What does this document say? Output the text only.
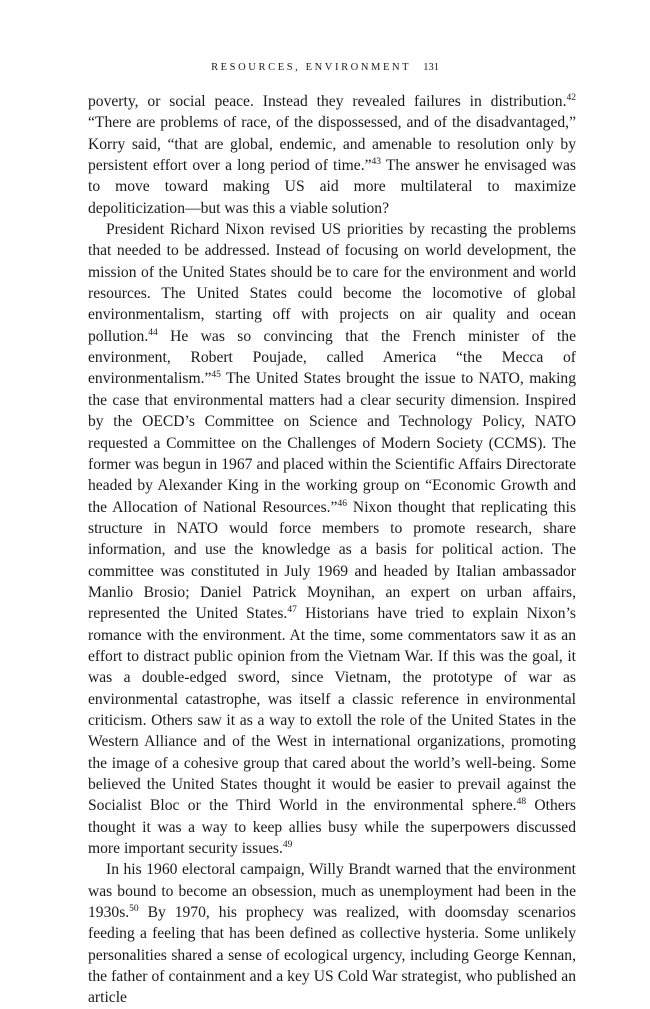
RESOURCES, ENVIRONMENT 131

poverty, or social peace. Instead they revealed failures in distribution.$^{42}$ “There are problems of race, of the dispossessed, and of the disadvantaged,” Korry said, “that are global, endemic, and amenable to resolution only by persistent effort over a long period of time.”$^{43}$ The answer he envisaged was to move toward making US aid more multilateral to maximize depoliticization—but was this a viable solution?

President Richard Nixon revised US priorities by recasting the problems that needed to be addressed. Instead of focusing on world development, the mission of the United States should be to care for the environment and world resources. The United States could become the locomotive of global environmentalism, starting off with projects on air quality and ocean pollution.$^{44}$ He was so convincing that the French minister of the environment, Robert Poujade, called America “the Mecca of environmentalism.”$^{45}$ The United States brought the issue to NATO, making the case that environmental matters had a clear security dimension. Inspired by the OECD’s Committee on Science and Technology Policy, NATO requested a Committee on the Challenges of Modern Society (CCMS). The former was begun in 1967 and placed within the Scientific Affairs Directorate headed by Alexander King in the working group on “Economic Growth and the Allocation of National Resources.”$^{46}$ Nixon thought that replicating this structure in NATO would force members to promote research, share information, and use the knowledge as a basis for political action. The committee was constituted in July 1969 and headed by Italian ambassador Manlio Brosio; Daniel Patrick Moynihan, an expert on urban affairs, represented the United States.$^{47}$ Historians have tried to explain Nixon’s romance with the environment. At the time, some commentators saw it as an effort to distract public opinion from the Vietnam War. If this was the goal, it was a double-edged sword, since Vietnam, the prototype of war as environmental catastrophe, was itself a classic reference in environmental criticism. Others saw it as a way to extoll the role of the United States in the Western Alliance and of the West in international organizations, promoting the image of a cohesive group that cared about the world’s well-being. Some believed the United States thought it would be easier to prevail against the Socialist Bloc or the Third World in the environmental sphere.$^{48}$ Others thought it was a way to keep allies busy while the superpowers discussed more important security issues.$^{49}$

In his 1960 electoral campaign, Willy Brandt warned that the environment was bound to become an obsession, much as unemployment had been in the 1930s.$^{50}$ By 1970, his prophecy was realized, with doomsday scenarios feeding a feeling that has been defined as collective hysteria. Some unlikely personalities shared a sense of ecological urgency, including George Kennan, the father of containment and a key US Cold War strategist, who published an article
